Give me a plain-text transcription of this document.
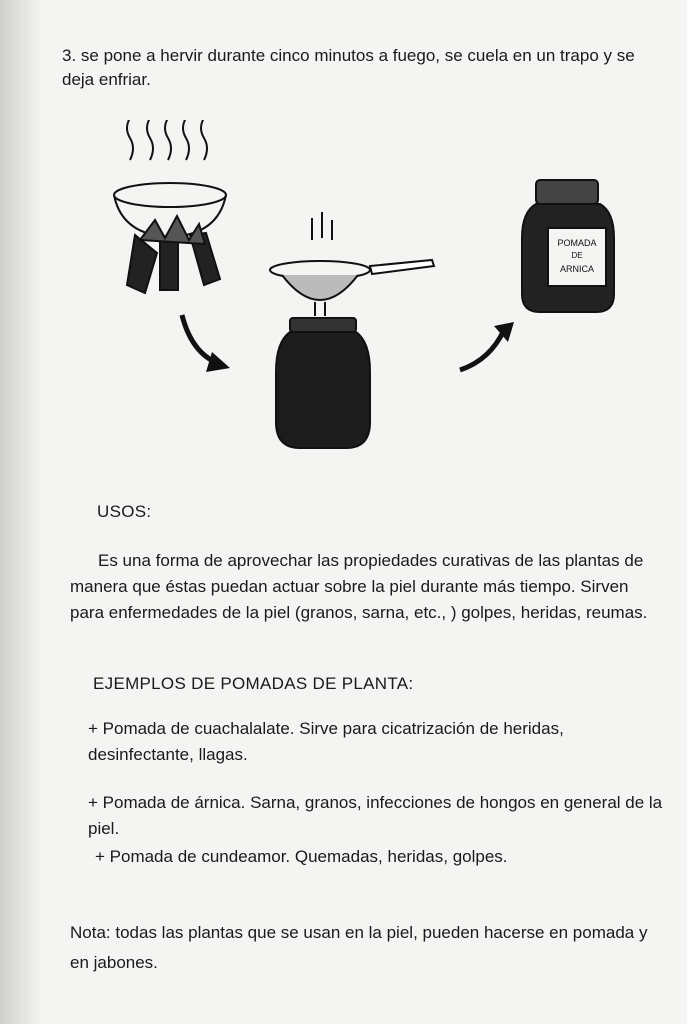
3. se pone a hervir durante cinco minutos a fuego, se cuela en un trapo y se deja enfriar.
POMADA
DE
ARNICA
USOS:
Es una forma de aprovechar las propiedades curativas de las plantas de manera que éstas puedan actuar sobre la piel durante más tiempo. Sirven para enfermedades de la piel (granos, sarna, etc., ) golpes, heridas, reumas.
EJEMPLOS DE POMADAS DE PLANTA:
+ Pomada de cuachalalate. Sirve para cicatrización de heridas, desinfectante, llagas.
+ Pomada de árnica. Sarna, granos, infecciones de hongos en general de la piel.
+ Pomada de cundeamor. Quemadas, heridas, golpes.
Nota: todas las plantas que se usan en la piel, pueden hacerse en pomada y en jabones.
